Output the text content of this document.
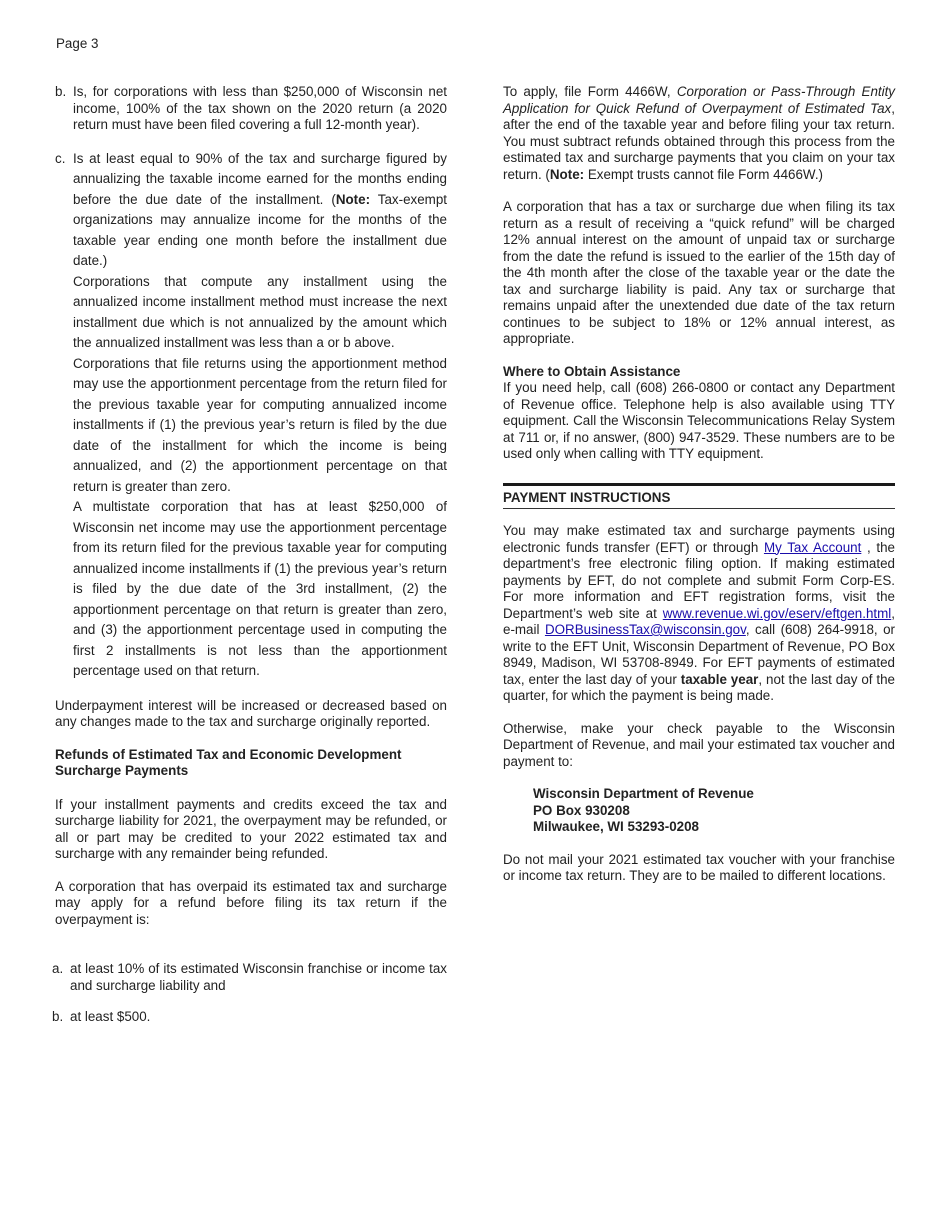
Page 3
b. Is, for corporations with less than $250,000 of Wisconsin net income, 100% of the tax shown on the 2020 return (a 2020 return must have been filed covering a full 12-month year).
c. Is at least equal to 90% of the tax and surcharge figured by annualizing the taxable income earned for the months ending before the due date of the installment. (Note: Tax-exempt organizations may annualize income for the months of the taxable year ending one month before the installment due date.)

Corporations that compute any installment using the annualized income installment method must increase the next installment due which is not annualized by the amount which the annualized installment was less than a or b above.

Corporations that file returns using the apportionment method may use the apportionment percentage from the return filed for the previous taxable year for computing annualized income installments if (1) the previous year’s return is filed by the due date of the installment for which the income is being annualized, and (2) the apportionment percentage on that return is greater than zero.

A multistate corporation that has at least $250,000 of Wisconsin net income may use the apportionment percentage from its return filed for the previous taxable year for computing annualized income installments if (1) the previous year’s return is filed by the due date of the 3rd installment, (2) the apportionment percentage on that return is greater than zero, and (3) the apportionment percentage used in computing the first 2 installments is not less than the apportionment percentage used on that return.

Underpayment interest will be increased or decreased based on any changes made to the tax and surcharge originally reported.

Refunds of Estimated Tax and Economic Development Surcharge Payments

If your installment payments and credits exceed the tax and surcharge liability for 2021, the overpayment may be refunded, or all or part may be credited to your 2022 estimated tax and surcharge with any remainder being refunded.

A corporation that has overpaid its estimated tax and surcharge may apply for a refund before filing its tax return if the overpayment is:

a. at least 10% of its estimated Wisconsin franchise or income tax and surcharge liability and
b. at least $500.

To apply, file Form 4466W, Corporation or Pass-Through Entity Application for Quick Refund of Overpayment of Estimated Tax, after the end of the taxable year and before filing your tax return. You must subtract refunds obtained through this process from the estimated tax and surcharge payments that you claim on your tax return. (Note: Exempt trusts cannot file Form 4466W.)

A corporation that has a tax or surcharge due when filing its tax return as a result of receiving a “quick refund” will be charged 12% annual interest on the amount of unpaid tax or surcharge from the date the refund is issued to the earlier of the 15th day of the 4th month after the close of the taxable year or the date the tax and surcharge liability is paid. Any tax or surcharge that remains unpaid after the unextended due date of the tax return continues to be subject to 18% or 12% annual interest, as appropriate.

Where to Obtain Assistance

If you need help, call (608) 266-0800 or contact any Department of Revenue office. Telephone help is also available using TTY equipment. Call the Wisconsin Telecommunications Relay System at 711 or, if no answer, (800) 947-3529. These numbers are to be used only when calling with TTY equipment.

PAYMENT INSTRUCTIONS

You may make estimated tax and surcharge payments using electronic funds transfer (EFT) or through My Tax Account , the department’s free electronic filing option. If making estimated payments by EFT, do not complete and submit Form Corp-ES. For more information and EFT registration forms, visit the Department’s web site at www.revenue.wi.gov/eserv/eftgen.html, e-mail DORBusinessTax@wisconsin.gov, call (608) 264-9918, or write to the EFT Unit, Wisconsin Department of Revenue, PO Box 8949, Madison, WI 53708-8949. For EFT payments of estimated tax, enter the last day of your taxable year, not the last day of the quarter, for which the payment is being made.

Otherwise, make your check payable to the Wisconsin Department of Revenue, and mail your estimated tax voucher and payment to:

Wisconsin Department of Revenue
PO Box 930208
Milwaukee, WI 53293-0208

Do not mail your 2021 estimated tax voucher with your franchise or income tax return. They are to be mailed to different locations.
